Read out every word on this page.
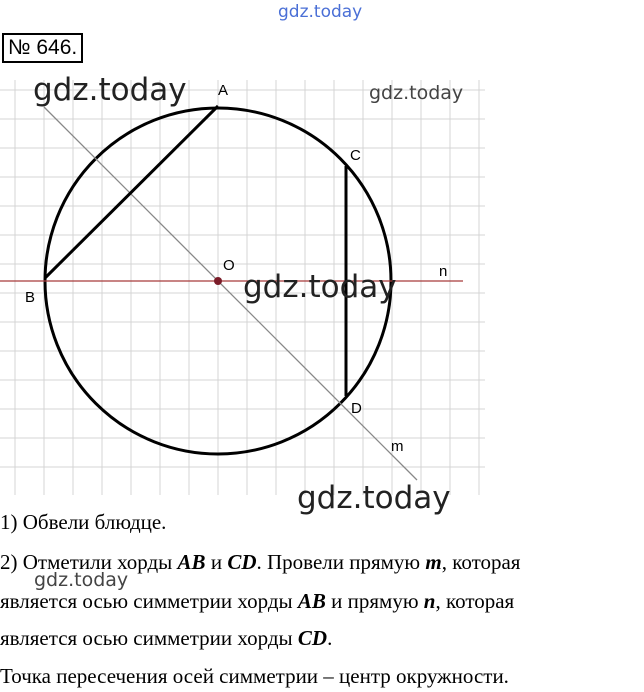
gdz.today
№ 646.
A
B
C
D
O	n
m
gdz.today	gdz.today
gdz.today
gdz.today
1) Обвели блюдце.
2) Отметили хорды AB и CD. Провели прямую m, которая
gdz.today
является осью симметрии хорды AB и прямую n, которая
является осью симметрии хорды CD.
Точка пересечения осей симметрии – центр окружности.
